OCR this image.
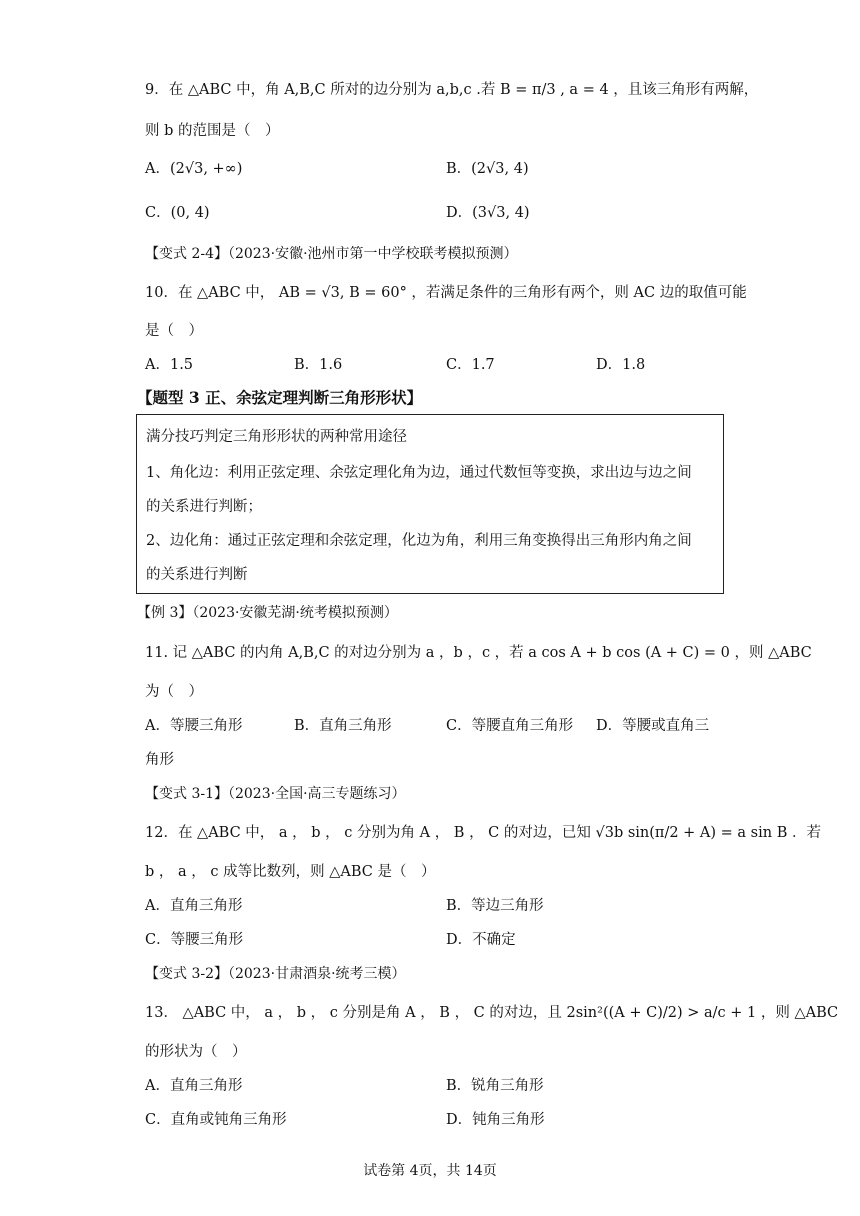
9．在 △ABC 中，角 A,B,C 所对的边分别为 a,b,c .若 B = π/3 , a = 4 ，且该三角形有两解，
则 b 的范围是（　）
A．(2√3, +∞)	B．(2√3, 4)
C．(0, 4)	D．(3√3, 4)
【变式 2-4】（2023·安徽·池州市第一中学校联考模拟预测）
10．在 △ABC 中， AB = √3, B = 60° ，若满足条件的三角形有两个，则 AC 边的取值可能
是（　）
A．1.5	B．1.6	C．1.7	D．1.8
【题型 3 正、余弦定理判断三角形形状】
满分技巧判定三角形形状的两种常用途径
1、角化边：利用正弦定理、余弦定理化角为边，通过代数恒等变换，求出边与边之间
的关系进行判断；
2、边化角：通过正弦定理和余弦定理，化边为角，利用三角变换得出三角形内角之间
的关系进行判断
【例 3】（2023·安徽芜湖·统考模拟预测）
11. 记 △ABC 的内角 A,B,C 的对边分别为 a ，b ，c ，若 a cos A + b cos (A + C) = 0 ，则 △ABC
为（　）
A．等腰三角形	B．直角三角形	C．等腰直角三角形 D．等腰或直角三
角形
【变式 3-1】（2023·全国·高三专题练习）
12．在 △ABC 中， a ， b ， c 分别为角 A ， B ， C 的对边，已知 √3b sin(π/2 + A) = a sin B ．若
b ， a ， c 成等比数列，则 △ABC 是（　）
A．直角三角形	B．等边三角形
C．等腰三角形	D．不确定
【变式 3-2】（2023·甘肃酒泉·统考三模）
13． △ABC 中， a ， b ， c 分别是角 A ， B ， C 的对边，且 2sin²((A + C)/2) > a/c + 1 ，则 △ABC
的形状为（　）
A．直角三角形	B．锐角三角形
C．直角或钝角三角形	D．钝角三角形
试卷第 4页，共 14页
